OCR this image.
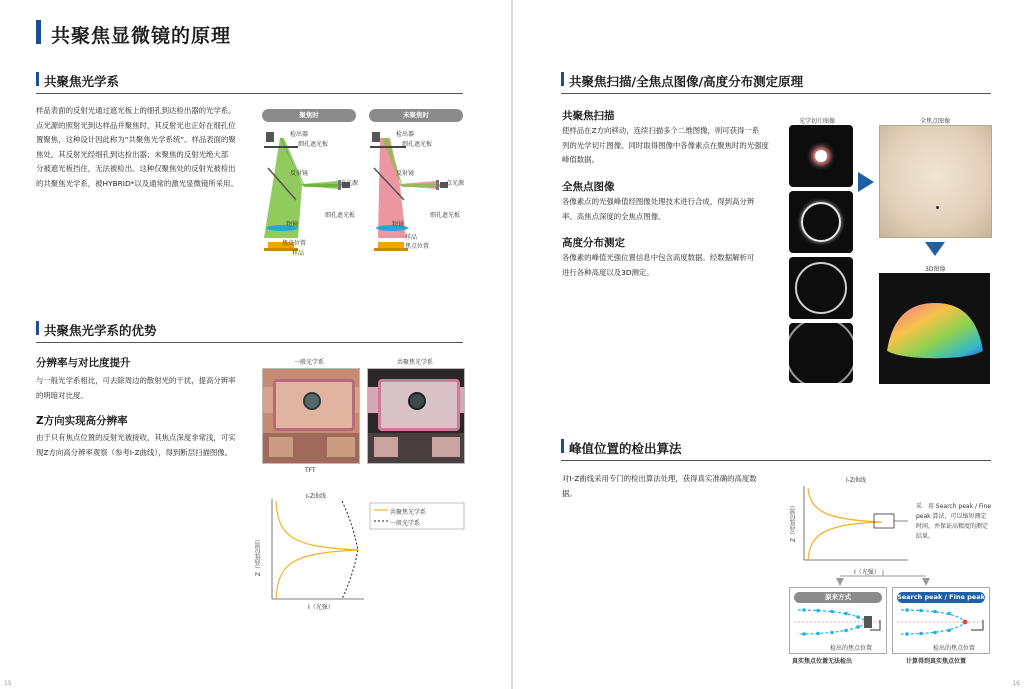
共聚焦显微镜的原理
共聚焦光学系
样品表面的反射光通过遮光板上的细孔到达检出器的光学系。
点光源的照射光到达样品并聚焦时，其反射光也正好在细孔位
置聚焦，这种设计因此称为“共聚焦光学系统”。样品表面的聚
焦处，其反射光经细孔到达检出器；未聚焦的反射光绝大部
分被遮光板挡住，无法被检出。这种仅聚焦处的反射光被检出
的共聚焦光学系，被HYBRID*以及通常的激光显微镜所采用。
聚焦时	未聚焦时
检出器
细孔遮光板
反射镜
点光源
细孔遮光板
物镜
焦点位置
样品
检出器
细孔遮光板
反射镜
点光源
细孔遮光板
物镜
样品
焦点位置
共聚焦光学系的优势
分辨率与对比度提升
与一般光学系相比，可去除周边的散射光的干扰，提高分辨率
的明暗对比度。
Z方向实现高分辨率
由于只有焦点位置的反射光被接收，其焦点深度非常浅，可实
现Z方向高分辨率观察（参考I-Z曲线），得到断层扫描图像。
一般光学系	共聚焦光学系
TFT
I-Z曲线
共聚焦光学系
一般光学系
Z（高度位置）
I（光强）
15
共聚焦扫描/全焦点图像/高度分布测定原理
共聚焦扫描
使样品在Z方向移动，连续扫描多个二维图像，则可获得一系
列的光学切片图像。同时取得图像中各像素点在聚焦时的光强度
峰值数据。
全焦点图像
各像素点的光强峰值经图像处理技术进行合成，得到高分辨
率、高焦点深度的全焦点图像。
高度分布测定
各像素的峰值光强位置信息中包含高度数据。经数据解析可
进行各种高度以及3D测定。
光学切片图像	全焦点图像
3D图像
峰值位置的检出算法
对I-Z曲线采用专门的检出算法处理，获得真实准确的高度数
据。
I-Z曲线
Z（高度位置）
I（光强）
采　用 Search peak / Fine
peak 算法，可以缩短测定
时间，并保证高精度的测定
结果。
原来方式
检出的焦点位置
Search peak / Fine peak
检出的焦点位置
真实焦点位置无法检出	计算得到真实焦点位置
16
